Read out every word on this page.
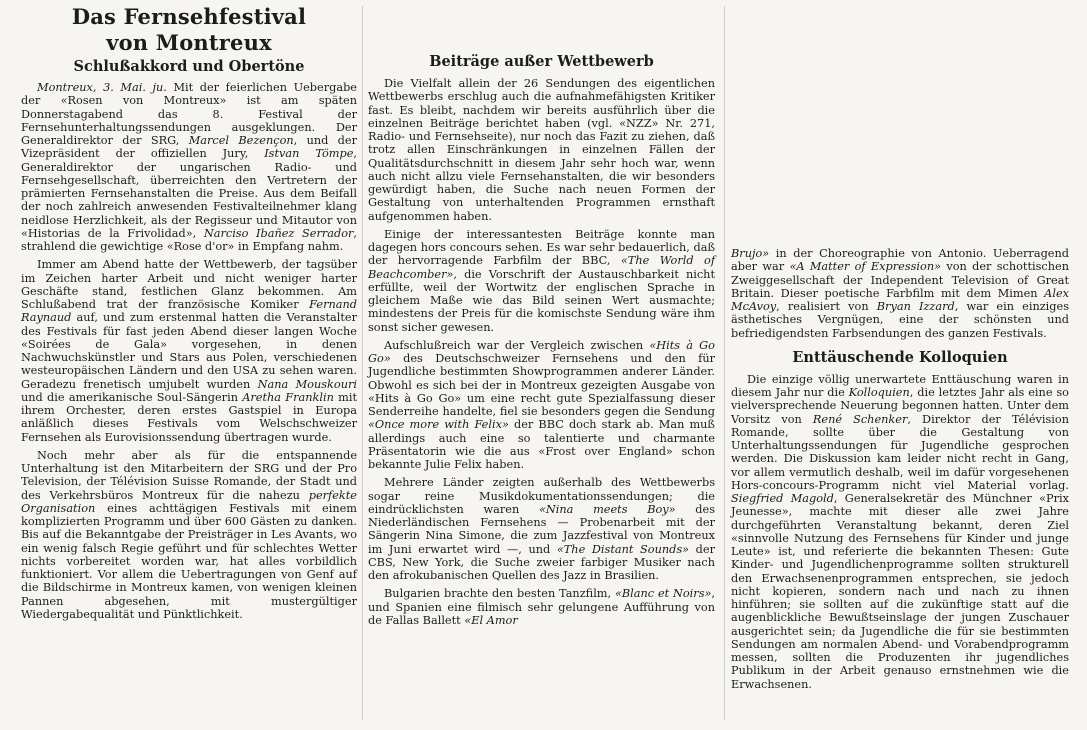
Das Fernsehfestival
von Montreux
Schlußakkord und Obertöne

Montreux, 3. Mai. ju. Mit der feierlichen Uebergabe der «Rosen von Montreux» ist am späten Donnerstagabend das 8. Festival der Fernsehunterhaltungssendungen ausgeklungen. Der Generaldirektor der SRG, Marcel Bezençon, und der Vizepräsident der offiziellen Jury, Istvan Tömpe, Generaldirektor der ungarischen Radio- und Fernsehgesellschaft, überreichten den Vertretern der prämierten Fernsehanstalten die Preise. Aus dem Beifall der noch zahlreich anwesenden Festivalteilnehmer klang neidlose Herzlichkeit, als der Regisseur und Mitautor von «Historias de la Frivolidad», Narciso Ibañez Serrador, strahlend die gewichtige «Rose d'or» in Empfang nahm.

Immer am Abend hatte der Wettbewerb, der tagsüber im Zeichen harter Arbeit und nicht weniger harter Geschäfte stand, festlichen Glanz bekommen. Am Schlußabend trat der französische Komiker Fernand Raynaud auf, und zum erstenmal hatten die Veranstalter des Festivals für fast jeden Abend dieser langen Woche «Soirées de Gala» vorgesehen, in denen Nachwuchskünstler und Stars aus Polen, verschiedenen westeuropäischen Ländern und den USA zu sehen waren. Geradezu frenetisch umjubelt wurden Nana Mouskouri und die amerikanische Soul-Sängerin Aretha Franklin mit ihrem Orchester, deren erstes Gastspiel in Europa anläßlich dieses Festivals vom Welschschweizer Fernsehen als Eurovisionssendung übertragen wurde.

Noch mehr aber als für die entspannende Unterhaltung ist den Mitarbeitern der SRG und der Pro Television, der Télévision Suisse Romande, der Stadt und des Verkehrsbüros Montreux für die nahezu perfekte Organisation eines achttägigen Festivals mit einem komplizierten Programm und über 600 Gästen zu danken. Bis auf die Bekanntgabe der Preisträger in Les Avants, wo ein wenig falsch Regie geführt und für schlechtes Wetter nichts vorbereitet worden war, hat alles vorbildlich funktioniert. Vor allem die Uebertragungen von Genf auf die Bildschirme in Montreux kamen, von wenigen kleinen Pannen abgesehen, mit mustergültiger Wiedergabequalität und Pünktlichkeit.

Beiträge außer Wettbewerb

Die Vielfalt allein der 26 Sendungen des eigentlichen Wettbewerbs erschlug auch die aufnahmefähigsten Kritiker fast. Es bleibt, nachdem wir bereits ausführlich über die einzelnen Beiträge berichtet haben (vgl. «NZZ» Nr. 271, Radio- und Fernsehseite), nur noch das Fazit zu ziehen, daß trotz allen Einschränkungen in einzelnen Fällen der Qualitätsdurchschnitt in diesem Jahr sehr hoch war, wenn auch nicht allzu viele Fernsehanstalten, die wir besonders gewürdigt haben, die Suche nach neuen Formen der Gestaltung von unterhaltenden Programmen ernsthaft aufgenommen haben.

Einige der interessantesten Beiträge konnte man dagegen hors concours sehen. Es war sehr bedauerlich, daß der hervorragende Farbfilm der BBC, «The World of Beachcomber», die Vorschrift der Austauschbarkeit nicht erfüllte, weil der Wortwitz der englischen Sprache in gleichem Maße wie das Bild seinen Wert ausmachte; mindestens der Preis für die komischste Sendung wäre ihm sonst sicher gewesen.

Aufschlußreich war der Vergleich zwischen «Hits à Go Go» des Deutschschweizer Fernsehens und den für Jugendliche bestimmten Showprogrammen anderer Länder. Obwohl es sich bei der in Montreux gezeigten Ausgabe von «Hits à Go Go» um eine recht gute Spezialfassung dieser Senderreihe handelte, fiel sie besonders gegen die Sendung «Once more with Felix» der BBC doch stark ab. Man muß allerdings auch eine so talentierte und charmante Präsentatorin wie die aus «Frost over England» schon bekannte Julie Felix haben.

Mehrere Länder zeigten außerhalb des Wettbewerbs sogar reine Musikdokumentationssendungen; die eindrücklichsten waren «Nina meets Boy» des Niederländischen Fernsehens — Probenarbeit mit der Sängerin Nina Simone, die zum Jazzfestival von Montreux im Juni erwartet wird —, und «The Distant Sounds» der CBS, New York, die Suche zweier farbiger Musiker nach den afrokubanischen Quellen des Jazz in Brasilien.

Bulgarien brachte den besten Tanzfilm, «Blanc et Noirs», und Spanien eine filmisch sehr gelungene Aufführung von de Fallas Ballett «El Amor

Brujo» in der Choreographie von Antonio. Ueberragend aber war «A Matter of Expression» von der schottischen Zweiggesellschaft der Independent Television of Great Britain. Dieser poetische Farbfilm mit dem Mimen Alex McAvoy, realisiert von Bryan Izzard, war ein einziges ästhetisches Vergnügen, eine der schönsten und befriedigendsten Farbsendungen des ganzen Festivals.

Enttäuschende Kolloquien

Die einzige völlig unerwartete Enttäuschung waren in diesem Jahr nur die Kolloquien, die letztes Jahr als eine so vielversprechende Neuerung begonnen hatten. Unter dem Vorsitz von René Schenker, Direktor der Télévision Romande, sollte über die Gestaltung von Unterhaltungssendungen für Jugendliche gesprochen werden. Die Diskussion kam leider nicht recht in Gang, vor allem vermutlich deshalb, weil im dafür vorgesehenen Hors-concours-Programm nicht viel Material vorlag. Siegfried Magold, Generalsekretär des Münchner «Prix Jeunesse», machte mit dieser alle zwei Jahre durchgeführten Veranstaltung bekannt, deren Ziel «sinnvolle Nutzung des Fernsehens für Kinder und junge Leute» ist, und referierte die bekannten Thesen: Gute Kinder- und Jugendlichenprogramme sollten strukturell den Erwachsenenprogrammen entsprechen, sie jedoch nicht kopieren, sondern nach und nach zu ihnen hinführen; sie sollten auf die zukünftige statt auf die augenblickliche Bewußtseinslage der jungen Zuschauer ausgerichtet sein; da Jugendliche die für sie bestimmten Sendungen am normalen Abend- und Vorabendprogramm messen, sollten die Produzenten ihr jugendliches Publikum in der Arbeit genauso ernstnehmen wie die Erwachsenen.
